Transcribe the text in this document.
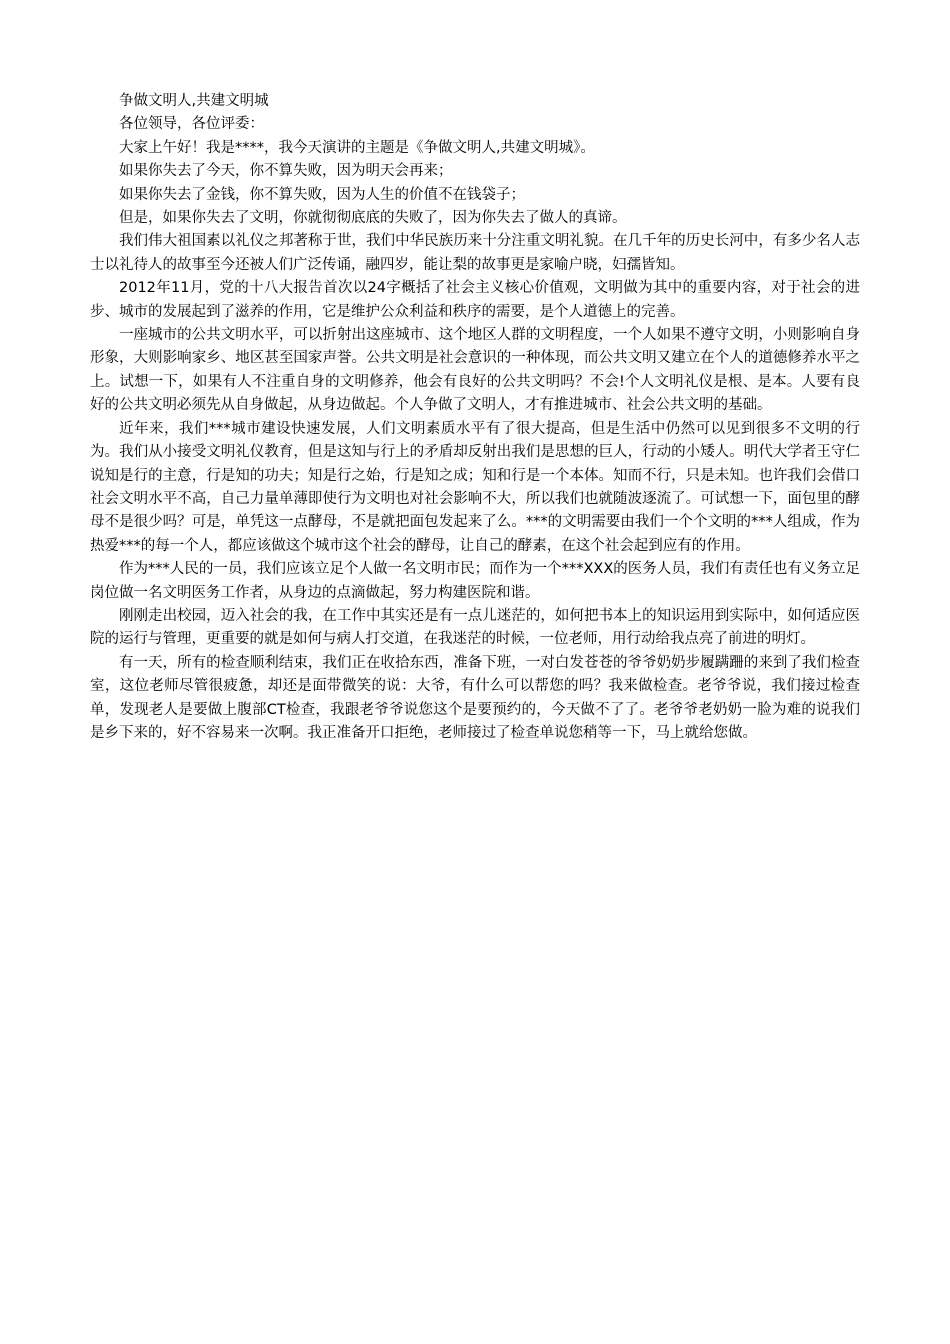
争做文明人,共建文明城

各位领导，各位评委：

大家上午好！我是****，我今天演讲的主题是《争做文明人,共建文明城》。

如果你失去了今天，你不算失败，因为明天会再来；

如果你失去了金钱，你不算失败，因为人生的价值不在钱袋子；

但是，如果你失去了文明，你就彻彻底底的失败了，因为你失去了做人的真谛。

我们伟大祖国素以礼仪之邦著称于世，我们中华民族历来十分注重文明礼貌。在几千年的历史长河中，有多少名人志士以礼待人的故事至今还被人们广泛传诵，融四岁，能让梨的故事更是家喻户晓，妇孺皆知。

2012年11月，党的十八大报告首次以24字概括了社会主义核心价值观，文明做为其中的重要内容，对于社会的进步、城市的发展起到了滋养的作用，它是维护公众利益和秩序的需要，是个人道德上的完善。

一座城市的公共文明水平，可以折射出这座城市、这个地区人群的文明程度，一个人如果不遵守文明，小则影响自身形象，大则影响家乡、地区甚至国家声誉。公共文明是社会意识的一种体现，而公共文明又建立在个人的道德修养水平之上。试想一下，如果有人不注重自身的文明修养，他会有良好的公共文明吗？不会!个人文明礼仪是根、是本。人要有良好的公共文明必须先从自身做起，从身边做起。个人争做了文明人，才有推进城市、社会公共文明的基础。

近年来，我们***城市建设快速发展，人们文明素质水平有了很大提高，但是生活中仍然可以见到很多不文明的行为。我们从小接受文明礼仪教育，但是这知与行上的矛盾却反射出我们是思想的巨人，行动的小矮人。明代大学者王守仁说知是行的主意，行是知的功夫；知是行之始，行是知之成；知和行是一个本体。知而不行，只是未知。也许我们会借口社会文明水平不高，自己力量单薄即使行为文明也对社会影响不大，所以我们也就随波逐流了。可试想一下，面包里的酵母不是很少吗？可是，单凭这一点酵母，不是就把面包发起来了么。***的文明需要由我们一个个文明的***人组成，作为热爱***的每一个人，都应该做这个城市这个社会的酵母，让自己的酵素，在这个社会起到应有的作用。

作为***人民的一员，我们应该立足个人做一名文明市民；而作为一个***XXX的医务人员，我们有责任也有义务立足岗位做一名文明医务工作者，从身边的点滴做起，努力构建医院和谐。

刚刚走出校园，迈入社会的我，在工作中其实还是有一点儿迷茫的，如何把书本上的知识运用到实际中，如何适应医院的运行与管理，更重要的就是如何与病人打交道，在我迷茫的时候，一位老师，用行动给我点亮了前进的明灯。

有一天，所有的检查顺利结束，我们正在收拾东西，准备下班，一对白发苍苍的爷爷奶奶步履蹒跚的来到了我们检查室，这位老师尽管很疲惫，却还是面带微笑的说：大爷，有什么可以帮您的吗？我来做检查。老爷爷说，我们接过检查单，发现老人是要做上腹部CT检查，我跟老爷爷说您这个是要预约的，今天做不了了。老爷爷老奶奶一脸为难的说我们是乡下来的，好不容易来一次啊。我正准备开口拒绝，老师接过了检查单说您稍等一下，马上就给您做。
